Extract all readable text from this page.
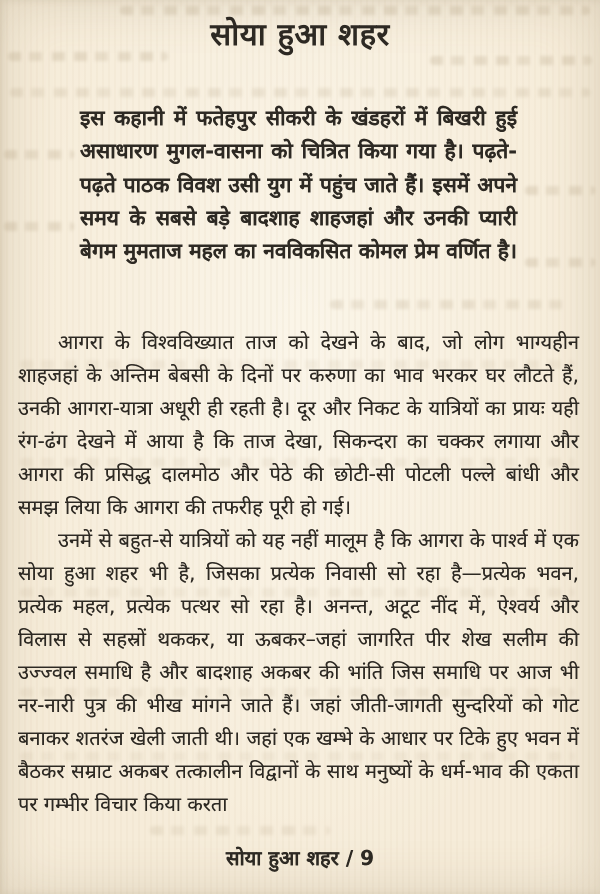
सोया हुआ शहर

इस कहानी में फतेहपुर सीकरी के खंडहरों में बिखरी हुई असाधारण मुगल-वासना को चित्रित किया गया है। पढ़ते-पढ़ते पाठक विवश उसी युग में पहुंच जाते हैं। इसमें अपने समय के सबसे बड़े बादशाह शाहजहां और उनकी प्यारी बेगम मुमताज महल का नवविकसित कोमल प्रेम वर्णित है।

आगरा के विश्वविख्यात ताज को देखने के बाद, जो लोग भाग्यहीन शाहजहां के अन्तिम बेबसी के दिनों पर करुणा का भाव भरकर घर लौटते हैं, उनकी आगरा-यात्रा अधूरी ही रहती है। दूर और निकट के यात्रियों का प्रायः यही रंग-ढंग देखने में आया है कि ताज देखा, सिकन्दरा का चक्कर लगाया और आगरा की प्रसिद्ध दालमोठ और पेठे की छोटी-सी पोटली पल्ले बांधी और समझ लिया कि आगरा की तफरीह पूरी हो गई।

उनमें से बहुत-से यात्रियों को यह नहीं मालूम है कि आगरा के पार्श्व में एक सोया हुआ शहर भी है, जिसका प्रत्येक निवासी सो रहा है—प्रत्येक भवन, प्रत्येक महल, प्रत्येक पत्थर सो रहा है। अनन्त, अटूट नींद में, ऐश्वर्य और विलास से सहस्रों थककर, या ऊबकर–जहां जागरित पीर शेख सलीम की उज्ज्वल समाधि है और बादशाह अकबर की भांति जिस समाधि पर आज भी नर-नारी पुत्र की भीख मांगने जाते हैं। जहां जीती-जागती सुन्दरियों को गोट बनाकर शतरंज खेली जाती थी। जहां एक खम्भे के आधार पर टिके हुए भवन में बैठकर सम्राट अकबर तत्कालीन विद्वानों के साथ मनुष्यों के धर्म-भाव की एकता पर गम्भीर विचार किया करता

सोया हुआ शहर / 9
